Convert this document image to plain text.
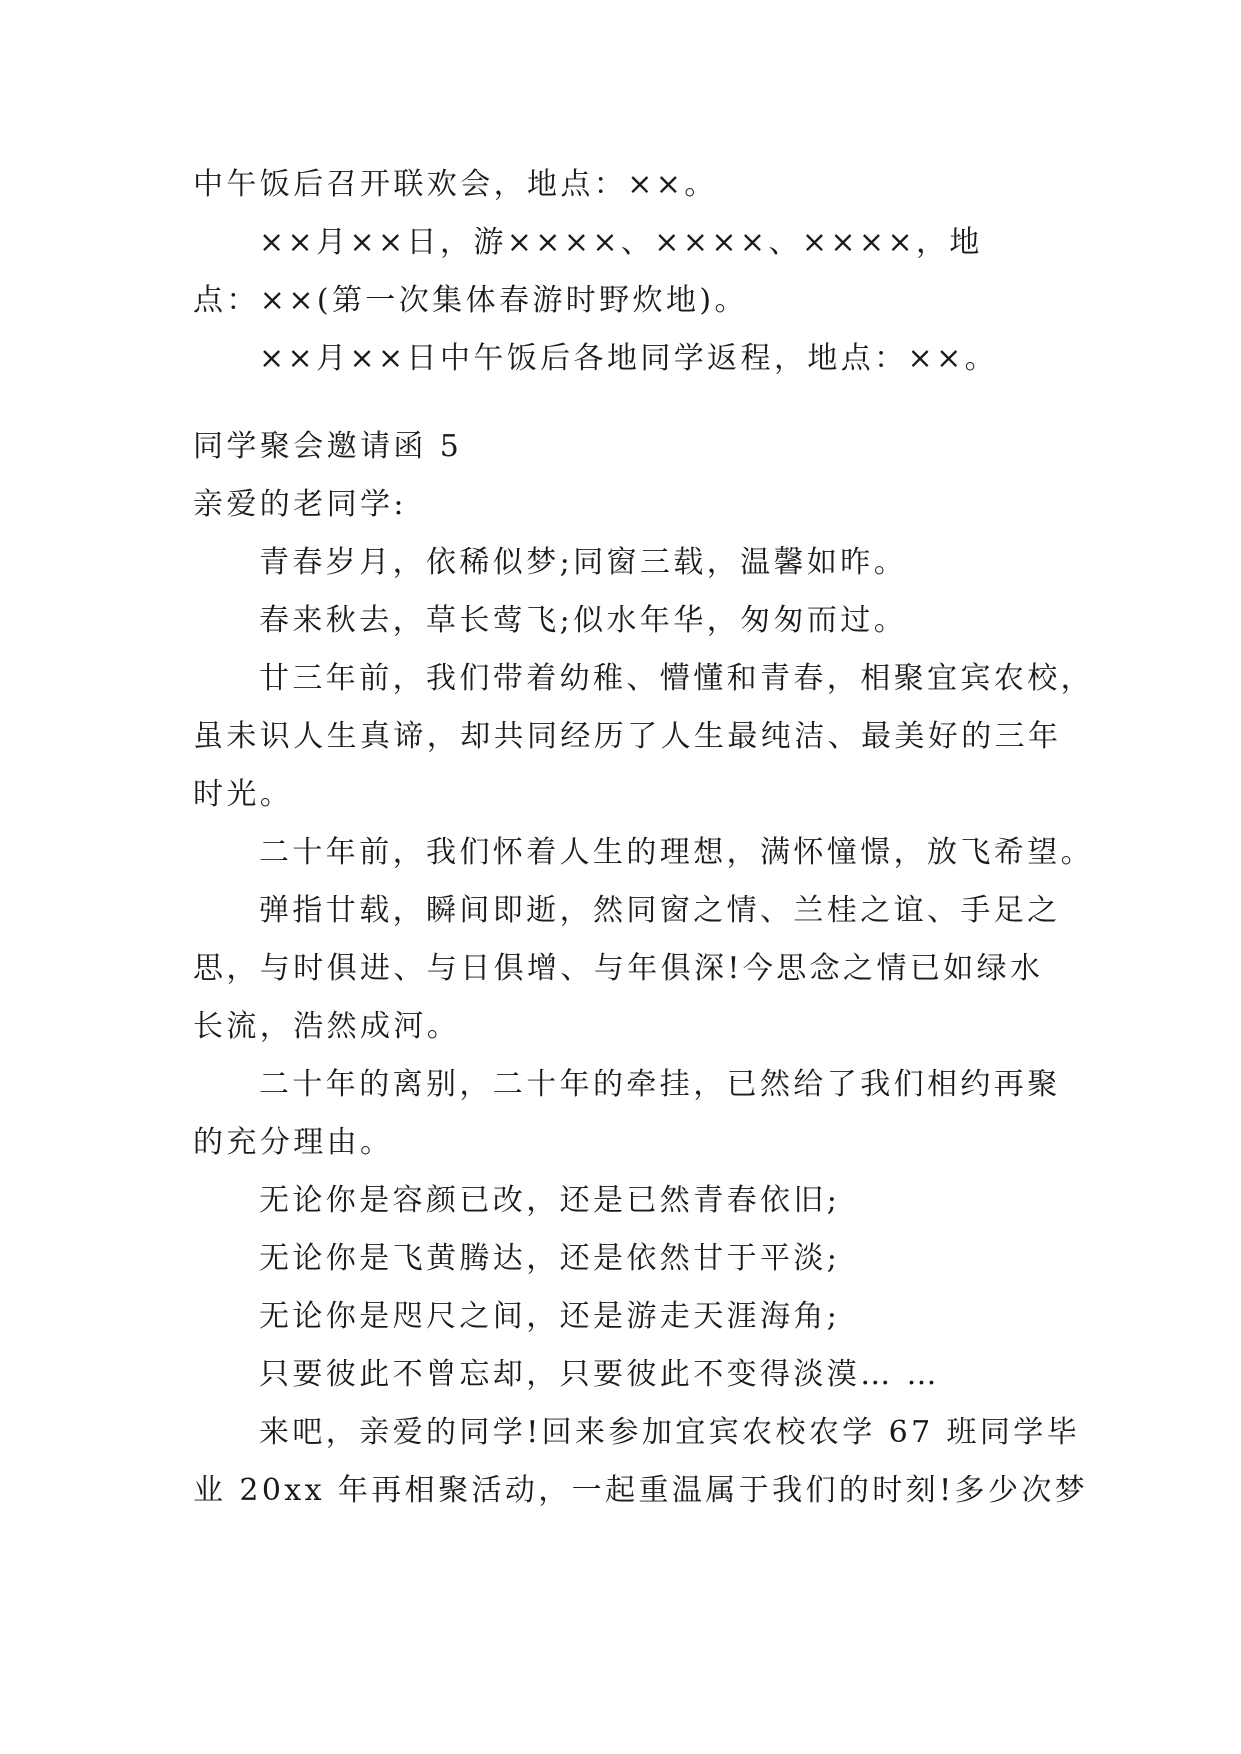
中午饭后召开联欢会，地点：××。

××月××日，游××××、××××、××××，地

点：××(第一次集体春游时野炊地)。

××月××日中午饭后各地同学返程，地点：××。

同学聚会邀请函 5

亲爱的老同学:

青春岁月，依稀似梦;同窗三载，温馨如昨。

春来秋去，草长莺飞;似水年华，匆匆而过。

廿三年前，我们带着幼稚、懵懂和青春，相聚宜宾农校，

虽未识人生真谛，却共同经历了人生最纯洁、最美好的三年

时光。

二十年前，我们怀着人生的理想，满怀憧憬，放飞希望。

弹指廿载，瞬间即逝，然同窗之情、兰桂之谊、手足之

思，与时俱进、与日俱增、与年俱深!今思念之情已如绿水

长流，浩然成河。

二十年的离别，二十年的牵挂，已然给了我们相约再聚

的充分理由。

无论你是容颜已改，还是已然青春依旧;

无论你是飞黄腾达，还是依然甘于平淡;

无论你是咫尺之间，还是游走天涯海角;

只要彼此不曾忘却，只要彼此不变得淡漠… …

来吧，亲爱的同学!回来参加宜宾农校农学 67 班同学毕

业 20xx 年再相聚活动，一起重温属于我们的时刻!多少次梦
